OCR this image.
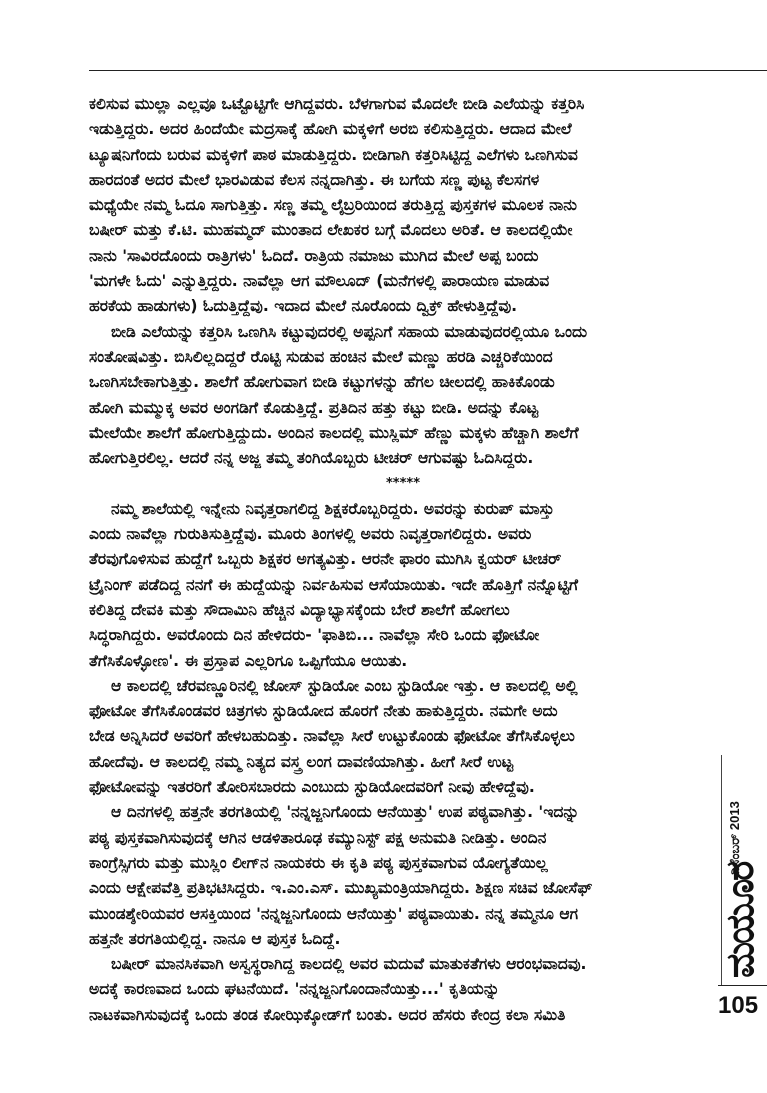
ಕಲಿಸುವ ಮುಲ್ಲಾ ಎಲ್ಲವೂ ಒಟ್ಟೊಟ್ಟಿಗೇ ಆಗಿದ್ದವರು. ಬೆಳಗಾಗುವ ಮೊದಲೇ ಬೀಡಿ ಎಲೆಯನ್ನು ಕತ್ತರಿಸಿ
ಇಡುತ್ತಿದ್ದರು. ಅದರ ಹಿಂದೆಯೇ ಮದ್ರಸಾಕ್ಕೆ ಹೋಗಿ ಮಕ್ಕಳಿಗೆ ಅರಬಿ ಕಲಿಸುತ್ತಿದ್ದರು. ಆದಾದ ಮೇಲೆ
ಟ್ಯೂಷನಿಗೆಂದು ಬರುವ ಮಕ್ಕಳಿಗೆ ಪಾಠ ಮಾಡುತ್ತಿದ್ದರು. ಬೀಡಿಗಾಗಿ ಕತ್ತರಿಸಿಟ್ಟಿದ್ದ ಎಲೆಗಳು ಒಣಗಿಸುವ
ಹಾರದಂತೆ ಅದರ ಮೇಲೆ ಭಾರವಿಡುವ ಕೆಲಸ ನನ್ನದಾಗಿತ್ತು. ಈ ಬಗೆಯ ಸಣ್ಣ ಪುಟ್ಟ ಕೆಲಸಗಳ
ಮಧ್ಯೆಯೇ ನಮ್ಮ ಓದೂ ಸಾಗುತ್ತಿತ್ತು. ಸಣ್ಣ ತಮ್ಮ ಲೈಬ್ರರಿಯಿಂದ ತರುತ್ತಿದ್ದ ಪುಸ್ತಕಗಳ ಮೂಲಕ ನಾನು
ಬಷೀರ್ ಮತ್ತು ಕೆ.ಟಿ. ಮುಹಮ್ಮದ್ ಮುಂತಾದ ಲೇಖಕರ ಬಗ್ಗೆ ಮೊದಲು ಅರಿತೆ. ಆ ಕಾಲದಲ್ಲಿಯೇ
ನಾನು 'ಸಾವಿರದೊಂದು ರಾತ್ರಿಗಳು' ಓದಿದೆ. ರಾತ್ರಿಯ ನಮಾಜು ಮುಗಿದ ಮೇಲೆ ಅಪ್ಪ ಬಂದು
'ಮಗಳೇ ಓದು' ಎನ್ನುತ್ತಿದ್ದರು. ನಾವೆಲ್ಲಾ ಆಗ ಮೌಲೂದ್ (ಮನೆಗಳಲ್ಲಿ ಪಾರಾಯಣ ಮಾಡುವ
ಹರಕೆಯ ಹಾಡುಗಳು) ಓದುತ್ತಿದ್ದೆವು. ಇದಾದ ಮೇಲೆ ನೂರೊಂದು ದ್ವಿಕ್ರ್ ಹೇಳುತ್ತಿದ್ದೆವು.
ಬೀಡಿ ಎಲೆಯನ್ನು ಕತ್ತರಿಸಿ ಒಣಗಿಸಿ ಕಟ್ಟುವುದರಲ್ಲಿ ಅಪ್ಪನಿಗೆ ಸಹಾಯ ಮಾಡುವುದರಲ್ಲಿಯೂ ಒಂದು
ಸಂತೋಷವಿತ್ತು. ಬಿಸಿಲಿಲ್ಲದಿದ್ದರೆ ರೊಟ್ಟಿ ಸುಡುವ ಹಂಚಿನ ಮೇಲೆ ಮಣ್ಣು ಹರಡಿ ಎಚ್ಚರಿಕೆಯಿಂದ
ಒಣಗಿಸಬೇಕಾಗುತ್ತಿತ್ತು. ಶಾಲೆಗೆ ಹೋಗುವಾಗ ಬೀಡಿ ಕಟ್ಟುಗಳನ್ನು ಹೆಗಲ ಚೀಲದಲ್ಲಿ ಹಾಕಿಕೊಂಡು
ಹೋಗಿ ಮಮ್ಮುಕ್ಕ ಅವರ ಅಂಗಡಿಗೆ ಕೊಡುತ್ತಿದ್ದೆ. ಪ್ರತಿದಿನ ಹತ್ತು ಕಟ್ಟು ಬೀಡಿ. ಅದನ್ನು ಕೊಟ್ಟ
ಮೇಲೆಯೇ ಶಾಲೆಗೆ ಹೋಗುತ್ತಿದ್ದುದು. ಅಂದಿನ ಕಾಲದಲ್ಲಿ ಮುಸ್ಲಿಮ್ ಹೆಣ್ಣು ಮಕ್ಕಳು ಹೆಚ್ಚಾಗಿ ಶಾಲೆಗೆ
ಹೋಗುತ್ತಿರಲಿಲ್ಲ. ಆದರೆ ನನ್ನ ಅಜ್ಜ ತಮ್ಮ ತಂಗಿಯೊಬ್ಬರು ಟೀಚರ್ ಆಗುವಷ್ಟು ಓದಿಸಿದ್ದರು.
*****
ನಮ್ಮ ಶಾಲೆಯಲ್ಲಿ ಇನ್ನೇನು ನಿವೃತ್ತರಾಗಲಿದ್ದ ಶಿಕ್ಷಕರೊಬ್ಬರಿದ್ದರು. ಅವರನ್ನು ಕುರುಪ್ ಮಾಸ್ತು
ಎಂದು ನಾವೆಲ್ಲಾ ಗುರುತಿಸುತ್ತಿದ್ದೆವು. ಮೂರು ತಿಂಗಳಲ್ಲಿ ಅವರು ನಿವೃತ್ತರಾಗಲಿದ್ದರು. ಅವರು
ತೆರವುಗೊಳಿಸುವ ಹುದ್ದೆಗೆ ಒಬ್ಬರು ಶಿಕ್ಷಕರ ಅಗತ್ಯವಿತ್ತು. ಆರನೇ ಫಾರಂ ಮುಗಿಸಿ ಕ್ವಯರ್ ಟೀಚರ್
ಟ್ರೈನಿಂಗ್ ಪಡೆದಿದ್ದ ನನಗೆ ಈ ಹುದ್ದೆಯನ್ನು ನಿರ್ವಹಿಸುವ ಆಸೆಯಾಯಿತು. ಇದೇ ಹೊತ್ತಿಗೆ ನನ್ನೊಟ್ಟಿಗೆ
ಕಲಿತಿದ್ದ ದೇವಕಿ ಮತ್ತು ಸೌದಾಮಿನಿ ಹೆಚ್ಚಿನ ವಿದ್ಯಾಭ್ಯಾಸಕ್ಕೆಂದು ಬೇರೆ ಶಾಲೆಗೆ ಹೋಗಲು
ಸಿದ್ಧರಾಗಿದ್ದರು. ಅವರೊಂದು ದಿನ ಹೇಳಿದರು- 'ಫಾತಿಬಿ... ನಾವೆಲ್ಲಾ ಸೇರಿ ಒಂದು ಫೋಟೋ
ತೆಗೆಸಿಕೊಳ್ಳೋಣ'. ಈ ಪ್ರಸ್ತಾಪ ಎಲ್ಲರಿಗೂ ಒಪ್ಪಿಗೆಯೂ ಆಯಿತು.
ಆ ಕಾಲದಲ್ಲಿ ಚೆರವಣ್ಣೂರಿನಲ್ಲಿ ಜೋಸ್ ಸ್ಟುಡಿಯೋ ಎಂಬ ಸ್ಟುಡಿಯೋ ಇತ್ತು. ಆ ಕಾಲದಲ್ಲಿ ಅಲ್ಲಿ
ಫೋಟೋ ತೆಗೆಸಿಕೊಂಡವರ ಚಿತ್ರಗಳು ಸ್ಟುಡಿಯೋದ ಹೊರಗೆ ನೇತು ಹಾಕುತ್ತಿದ್ದರು. ನಮಗೇ ಅದು
ಬೇಡ ಅನ್ನಿಸಿದರೆ ಅವರಿಗೆ ಹೇಳಬಹುದಿತ್ತು. ನಾವೆಲ್ಲಾ ಸೀರೆ ಉಟ್ಟುಕೊಂಡು ಫೋಟೋ ತೆಗೆಸಿಕೊಳ್ಳಲು
ಹೋದೆವು. ಆ ಕಾಲದಲ್ಲಿ ನಮ್ಮ ನಿತ್ಯದ ವಸ್ತ್ರ ಲಂಗ ದಾವಣಿಯಾಗಿತ್ತು. ಹೀಗೆ ಸೀರೆ ಉಟ್ಟ
ಫೋಟೋವನ್ನು ಇತರರಿಗೆ ತೋರಿಸಬಾರದು ಎಂಬುದು ಸ್ಟುಡಿಯೋದವರಿಗೆ ನೀವು ಹೇಳಿದ್ದೆವು.
ಆ ದಿನಗಳಲ್ಲಿ ಹತ್ತನೇ ತರಗತಿಯಲ್ಲಿ 'ನನ್ನಜ್ಜನಿಗೊಂದು ಆನೆಯಿತ್ತು' ಉಪ ಪಠ್ಯವಾಗಿತ್ತು. 'ಇದನ್ನು
ಪಠ್ಯ ಪುಸ್ತಕವಾಗಿಸುವುದಕ್ಕೆ ಆಗಿನ ಆಡಳಿತಾರೂಢ ಕಮ್ಯುನಿಸ್ಟ್ ಪಕ್ಷ ಅನುಮತಿ ನೀಡಿತ್ತು. ಅಂದಿನ
ಕಾಂಗ್ರೆಸ್ಸಿಗರು ಮತ್ತು ಮುಸ್ಲಿಂ ಲೀಗ್‌ನ ನಾಯಕರು ಈ ಕೃತಿ ಪಠ್ಯ ಪುಸ್ತಕವಾಗುವ ಯೋಗ್ಯತೆಯಿಲ್ಲ
ಎಂದು ಆಕ್ಷೇಪವೆತ್ತಿ ಪ್ರತಿಭಟಿಸಿದ್ದರು. ಇ.ಎಂ.ಎಸ್. ಮುಖ್ಯಮಂತ್ರಿಯಾಗಿದ್ದರು. ಶಿಕ್ಷಣ ಸಚಿವ ಜೋಸೆಫ್
ಮುಂಡಶ್ಶೇರಿಯವರ ಆಸಕ್ತಿಯಿಂದ 'ನನ್ನಜ್ಜನಿಗೊಂದು ಆನೆಯಿತ್ತು' ಪಠ್ಯವಾಯಿತು. ನನ್ನ ತಮ್ಮನೂ ಆಗ
ಹತ್ತನೇ ತರಗತಿಯಲ್ಲಿದ್ದ. ನಾನೂ ಆ ಪುಸ್ತಕ ಓದಿದ್ದೆ.
ಬಷೀರ್ ಮಾನಸಿಕವಾಗಿ ಅಸ್ವಸ್ಥರಾಗಿದ್ದ ಕಾಲದಲ್ಲಿ ಅವರ ಮದುವೆ ಮಾತುಕತೆಗಳು ಆರಂಭವಾದವು.
ಅದಕ್ಕೆ ಕಾರಣವಾದ ಒಂದು ಘಟನೆಯಿದೆ. 'ನನ್ನಜ್ಜನಿಗೊಂದಾನೆಯಿತ್ತು...' ಕೃತಿಯನ್ನು
ನಾಟಕವಾಗಿಸುವುದಕ್ಕೆ ಒಂದು ತಂಡ ಕೋಝಿಕ್ಕೋಡ್‌ಗೆ ಬಂತು. ಅದರ ಹೆಸರು ಕೇಂದ್ರ ಕಲಾ ಸಮಿತಿ
ಡಿಸೆಂಬರ್ 2013
ಮಯೂರ
105
